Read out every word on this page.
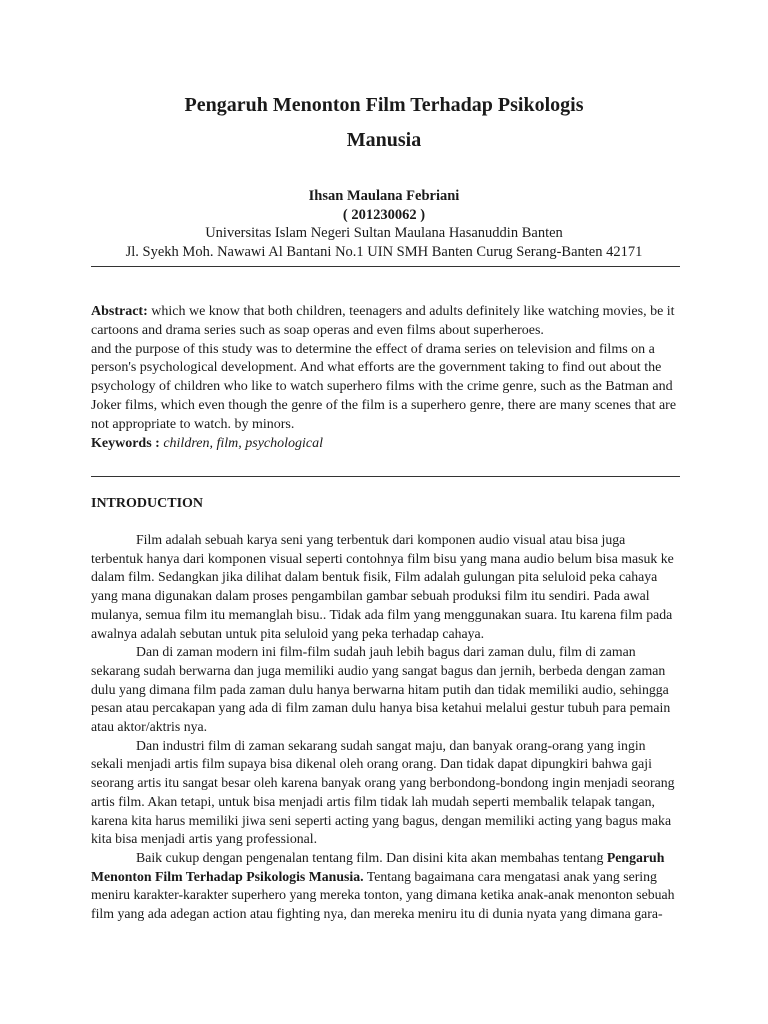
Pengaruh Menonton Film Terhadap Psikologis
Manusia
Ihsan Maulana Febriani
( 201230062 )
Universitas Islam Negeri Sultan Maulana Hasanuddin Banten
Jl. Syekh Moh. Nawawi Al Bantani No.1 UIN SMH Banten Curug Serang-Banten 42171
Abstract: which we know that both children, teenagers and adults definitely like watching movies, be it
cartoons and drama series such as soap operas and even films about superheroes.
and the purpose of this study was to determine the effect of drama series on television and films on a
person's psychological development. And what efforts are the government taking to find out about the
psychology of children who like to watch superhero films with the crime genre, such as the Batman and
Joker films, which even though the genre of the film is a superhero genre, there are many scenes that are
not appropriate to watch. by minors.
Keywords : children, film, psychological
INTRODUCTION
Film adalah sebuah karya seni yang terbentuk dari komponen audio visual atau bisa juga
terbentuk hanya dari komponen visual seperti contohnya film bisu yang mana audio belum bisa masuk ke
dalam film. Sedangkan jika dilihat dalam bentuk fisik, Film adalah gulungan pita seluloid peka cahaya
yang mana digunakan dalam proses pengambilan gambar sebuah produksi film itu sendiri. Pada awal
mulanya, semua film itu memanglah bisu.. Tidak ada film yang menggunakan suara. Itu karena film pada
awalnya adalah sebutan untuk pita seluloid yang peka terhadap cahaya.
Dan di zaman modern ini film-film sudah jauh lebih bagus dari zaman dulu, film di zaman
sekarang sudah berwarna dan juga memiliki audio yang sangat bagus dan jernih, berbeda dengan zaman
dulu yang dimana film pada zaman dulu hanya berwarna hitam putih dan tidak memiliki audio, sehingga
pesan atau percakapan yang ada di film zaman dulu hanya bisa ketahui melalui gestur tubuh para pemain
atau aktor/aktris nya.
Dan industri film di zaman sekarang sudah sangat maju, dan banyak orang-orang yang ingin
sekali menjadi artis film supaya bisa dikenal oleh orang orang. Dan tidak dapat dipungkiri bahwa gaji
seorang artis itu sangat besar oleh karena banyak orang yang berbondong-bondong ingin menjadi seorang
artis film. Akan tetapi, untuk bisa menjadi artis film tidak lah mudah seperti membalik telapak tangan,
karena kita harus memiliki jiwa seni seperti acting yang bagus, dengan memiliki acting yang bagus maka
kita bisa menjadi artis yang professional.
Baik cukup dengan pengenalan tentang film. Dan disini kita akan membahas tentang Pengaruh
Menonton Film Terhadap Psikologis Manusia. Tentang bagaimana cara mengatasi anak yang sering
meniru karakter-karakter superhero yang mereka tonton, yang dimana ketika anak-anak menonton sebuah
film yang ada adegan action atau fighting nya, dan mereka meniru itu di dunia nyata yang dimana gara-
